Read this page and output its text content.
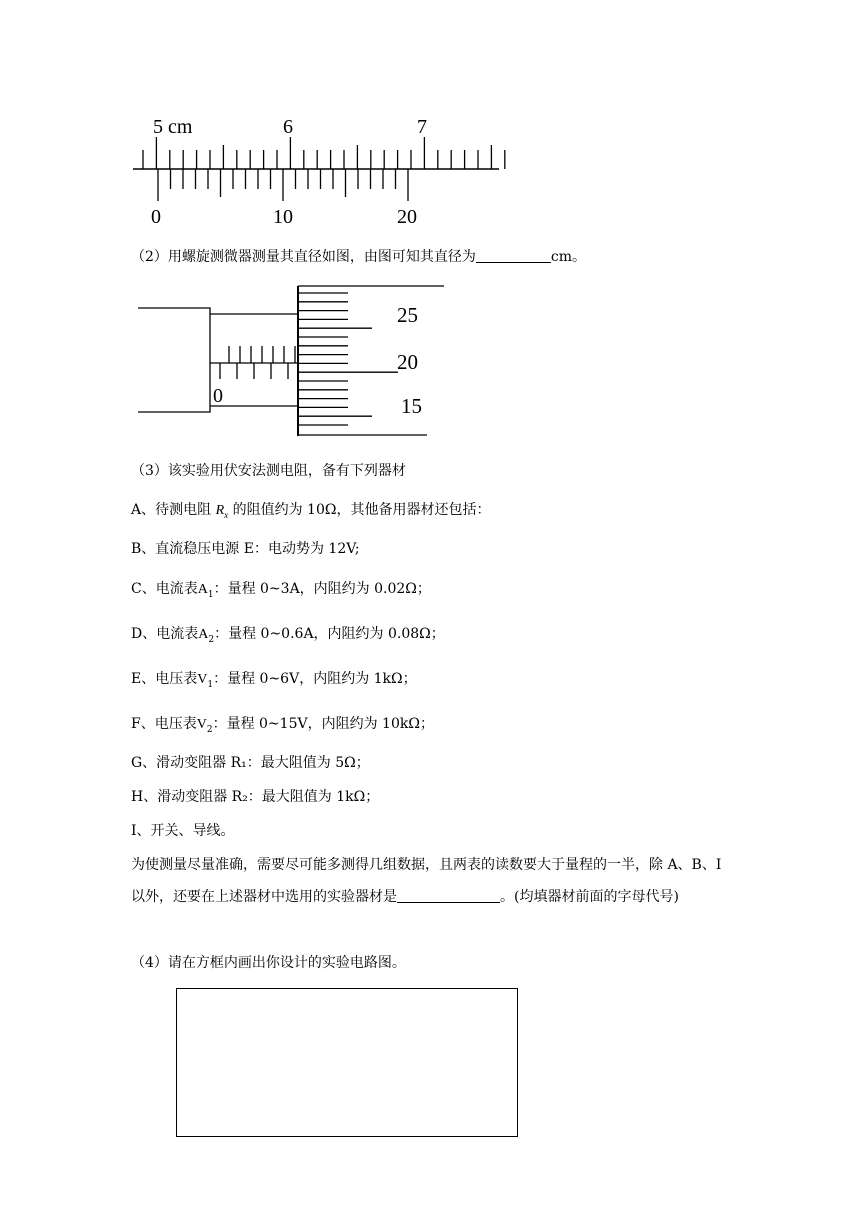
5 cm	6	7
0	10	20
（2）用螺旋测微器测量其直径如图，由图可知其直径为	cm。
0
25
20
15
（3）该实验用伏安法测电阻，备有下列器材
A、待测电阻 $R_x$ 的阻值约为 10Ω，其他备用器材还包括：
B、直流稳压电源 E：电动势为 12V;
C、电流表$A_1$：量程 0~3A，内阻约为 0.02Ω；
D、电流表$A_2$：量程 0~0.6A，内阻约为 0.08Ω；
E、电压表$V_1$：量程 0~6V，内阻约为 1kΩ；
F、电压表$V_2$：量程 0~15V，内阻约为 10kΩ；
G、滑动变阻器 R₁：最大阻值为 5Ω；
H、滑动变阻器 R₂：最大阻值为 1kΩ；
I、开关、导线。
为使测量尽量准确，需要尽可能多测得几组数据，且两表的读数要大于量程的一半，除 A、B、I 以外，还要在上述器材中选用的实验器材是	。(均填器材前面的字母代号)
（4）请在方框内画出你设计的实验电路图。
